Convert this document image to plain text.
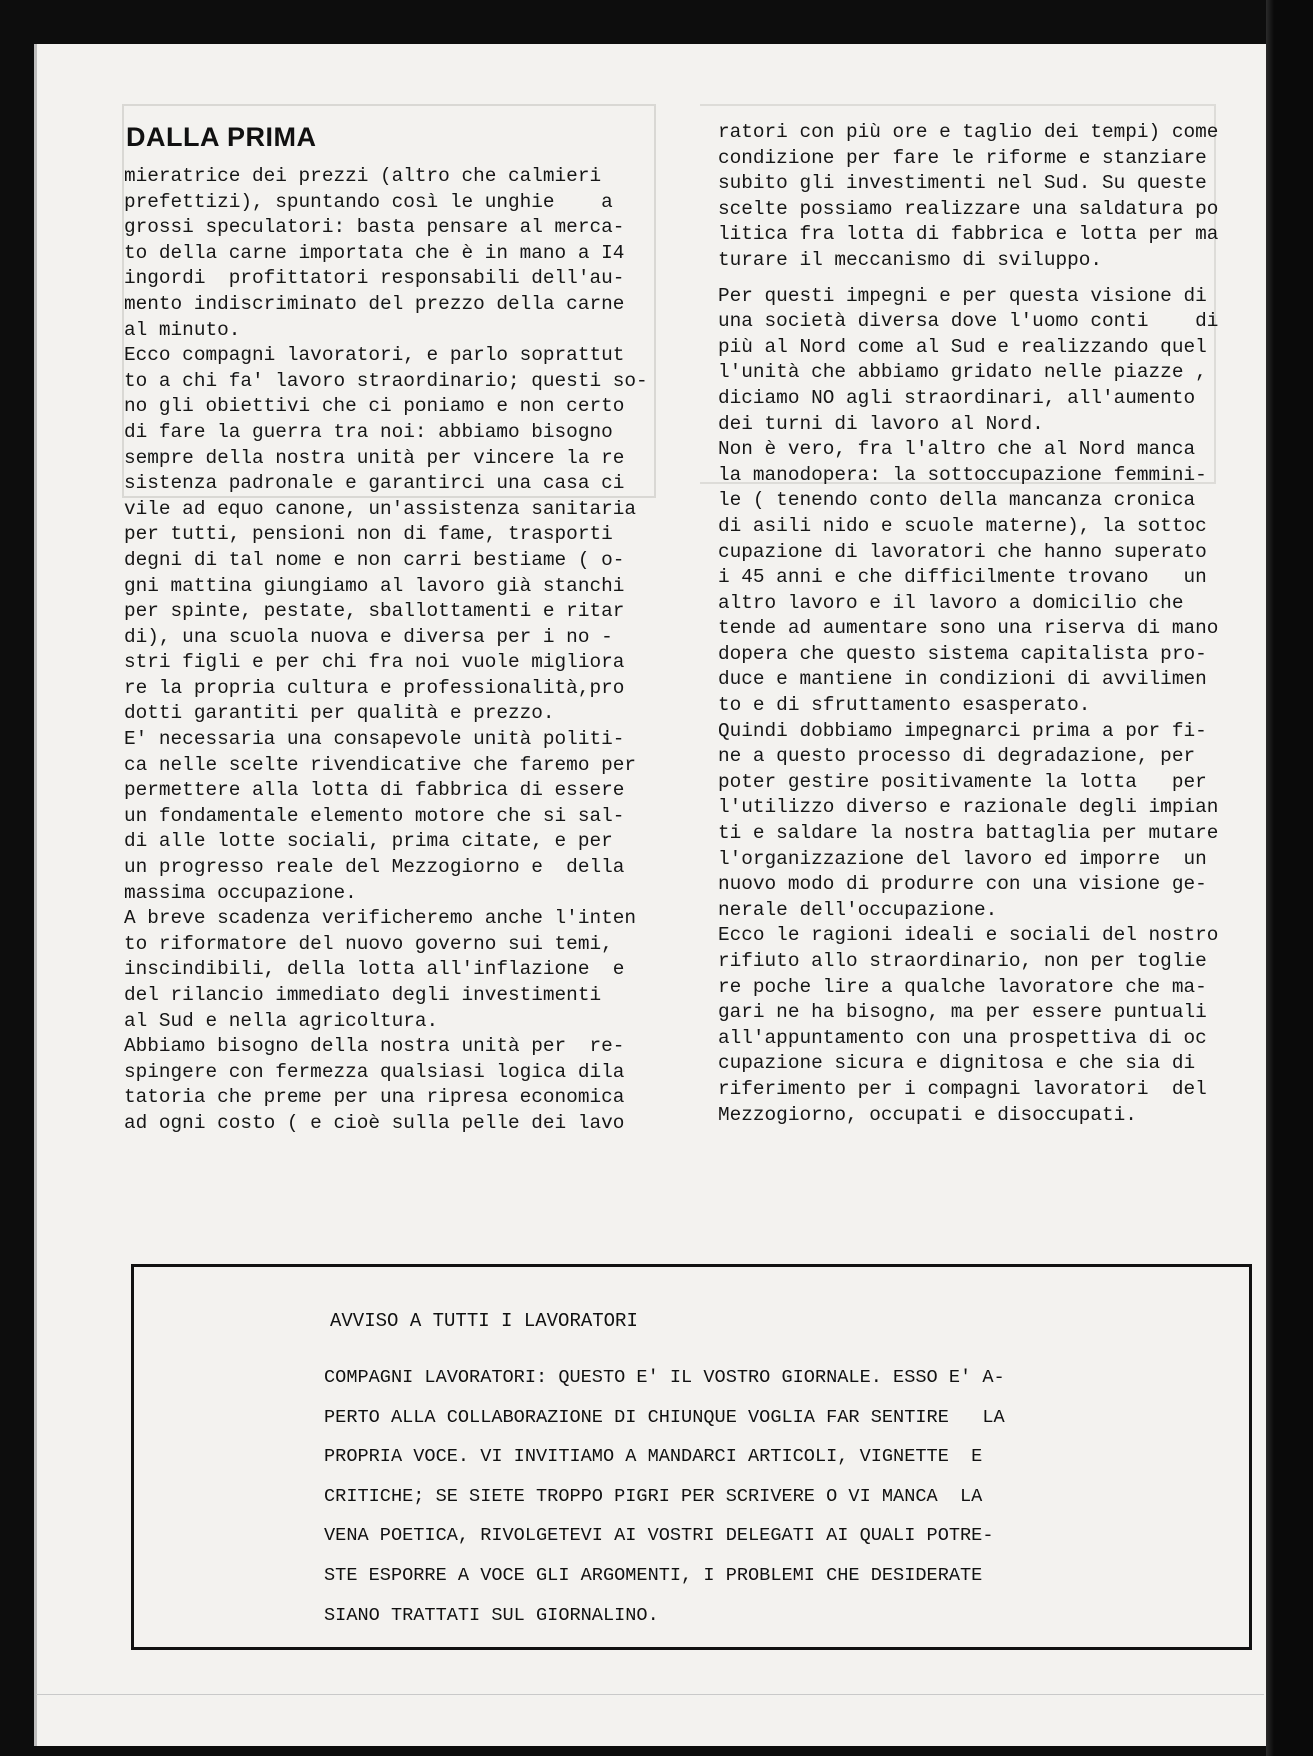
DALLA PRIMA

mieratrice dei prezzi (altro che calmieri

prefettizi), spuntando così le unghie    a

grossi speculatori: basta pensare al merca-

to della carne importata che è in mano a I4

ingordi  profittatori responsabili dell'au-

mento indiscriminato del prezzo della carne

al minuto.

Ecco compagni lavoratori, e parlo soprattut

to a chi fa' lavoro straordinario; questi so-

no gli obiettivi che ci poniamo e non certo

di fare la guerra tra noi: abbiamo bisogno

sempre della nostra unità per vincere la re

sistenza padronale e garantirci una casa ci

vile ad equo canone, un'assistenza sanitaria

per tutti, pensioni non di fame, trasporti

degni di tal nome e non carri bestiame ( o-

gni mattina giungiamo al lavoro già stanchi

per spinte, pestate, sballottamenti e ritar

di), una scuola nuova e diversa per i no -

stri figli e per chi fra noi vuole migliora

re la propria cultura e professionalità,pro

dotti garantiti per qualità e prezzo.

E' necessaria una consapevole unità politi-

ca nelle scelte rivendicative che faremo per

permettere alla lotta di fabbrica di essere

un fondamentale elemento motore che si sal-

di alle lotte sociali, prima citate, e per

un progresso reale del Mezzogiorno e  della

massima occupazione.

A breve scadenza verificheremo anche l'inten

to riformatore del nuovo governo sui temi,

inscindibili, della lotta all'inflazione  e

del rilancio immediato degli investimenti

al Sud e nella agricoltura.

Abbiamo bisogno della nostra unità per  re-

spingere con fermezza qualsiasi logica dila

tatoria che preme per una ripresa economica

ad ogni costo ( e cioè sulla pelle dei lavo

ratori con più ore e taglio dei tempi) come

condizione per fare le riforme e stanziare

subito gli investimenti nel Sud. Su queste

scelte possiamo realizzare una saldatura po

litica fra lotta di fabbrica e lotta per ma

turare il meccanismo di sviluppo.

Per questi impegni e per questa visione di

una società diversa dove l'uomo conti    di

più al Nord come al Sud e realizzando quel

l'unità che abbiamo gridato nelle piazze ,

diciamo NO agli straordinari, all'aumento

dei turni di lavoro al Nord.

Non è vero, fra l'altro che al Nord manca

la manodopera: la sottoccupazione femmini-

le ( tenendo conto della mancanza cronica

di asili nido e scuole materne), la sottoc

cupazione di lavoratori che hanno superato

i 45 anni e che difficilmente trovano   un

altro lavoro e il lavoro a domicilio che

tende ad aumentare sono una riserva di mano

dopera che questo sistema capitalista pro-

duce e mantiene in condizioni di avvilimen

to e di sfruttamento esasperato.

Quindi dobbiamo impegnarci prima a por fi-

ne a questo processo di degradazione, per

poter gestire positivamente la lotta   per

l'utilizzo diverso e razionale degli impian

ti e saldare la nostra battaglia per mutare

l'organizzazione del lavoro ed imporre  un

nuovo modo di produrre con una visione ge-

nerale dell'occupazione.

Ecco le ragioni ideali e sociali del nostro

rifiuto allo straordinario, non per toglie

re poche lire a qualche lavoratore che ma-

gari ne ha bisogno, ma per essere puntuali

all'appuntamento con una prospettiva di oc

cupazione sicura e dignitosa e che sia di

riferimento per i compagni lavoratori  del

Mezzogiorno, occupati e disoccupati.

AVVISO A TUTTI I LAVORATORI

COMPAGNI LAVORATORI: QUESTO E' IL VOSTRO GIORNALE. ESSO E' A-

PERTO ALLA COLLABORAZIONE DI CHIUNQUE VOGLIA FAR SENTIRE   LA

PROPRIA VOCE. VI INVITIAMO A MANDARCI ARTICOLI, VIGNETTE  E

CRITICHE; SE SIETE TROPPO PIGRI PER SCRIVERE O VI MANCA  LA

VENA POETICA, RIVOLGETEVI AI VOSTRI DELEGATI AI QUALI POTRE-

STE ESPORRE A VOCE GLI ARGOMENTI, I PROBLEMI CHE DESIDERATE

SIANO TRATTATI SUL GIORNALINO.
